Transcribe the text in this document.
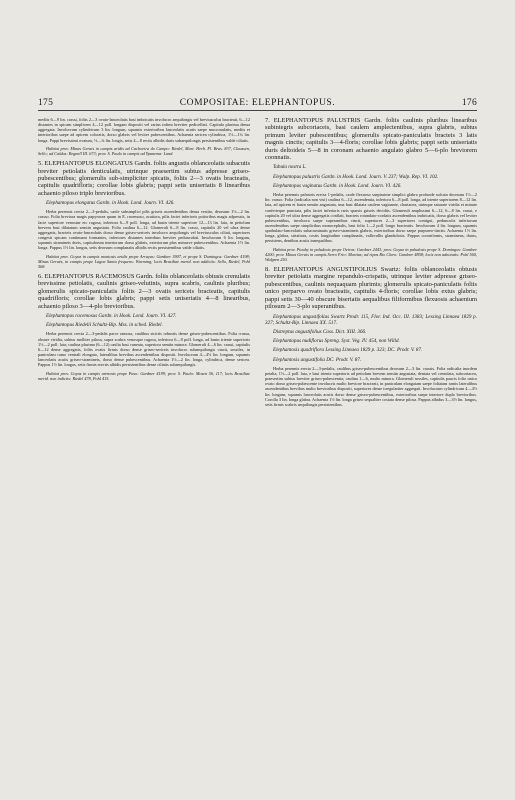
175	COMPOSITAE: ELEPHANTOPUS.	176

mediis 6—9 lin. crassi, foliis 2—3 ovato-lanceolatis basi imbricatis involucro aequilongis vel breviusculus bracteati, 6—12 distantes in spicam simplicem 4—12 poll. longam dispositi vel rarius infimi breviter pedicellati. Capitula plurima densa aggregata. Involucrum cylindricum 3 lin. longum, squamis exterioribus lanceolatis acutis saepe mucronulatis, mediis et interioribus saepe ad apicem coloratis, dorso glabris vel leviter pubescentibus. Achaenia sericea cylindrica, 1½—1¾ lin. longa. Pappi brevissimi ovatum, ½—¾ lin. longis, setis 4—8 rectis albidis duris subaequilongis persistentibus valde ciliatis.

Habitat prov. Minas Gerais in campis aridis ad Cachoeira do Campo: Riedel, Mart. Herb. Fl. Bras. 837, Claussen, Sello; ad Caldas: Regnell III. 673; prov. S. Paulo in campis ad Ypanema: Lund.

5. ELEPHANTOPUS ELONGATUS Gardn. foliis angustis oblanceolatis subacutis breviter petiolatis denticulatis, utrinque praesertim subtus adpresse griseo-pubescentibus; glomerulis sub-simpliciter spicatis, foliis 2—3 ovatis bracteatis, capitulis quadrifloris; corollae lobis glabris; pappi setis uniseriatis 8 linearibus achaenio piloso triplo brevioribus.

Elephantopus elongatus Gardn. in Hook. Lond. Journ. VI. 426.

Herba perennis crecta 2—3-pedalis, caule subsimplici pilis griseis ascendentibus densa vestito, deorsum 1½—2 lin. crasso. Folia breviora magis papyracea quam in E. racemoso, acutiora, pilis faciei inferioris potioribus magis adpressis, in facie superiore venosiae etc rugosa, inferiora 6—9 poll. longa, ad basin triente superiore 12—13 lin. lata, in petiolum brevem basi dilatatum semiin angustata. Folia caulina 6—12. Glomeruli 6—8 lin. crassi, capitulis 20 vel ultra dense aggregatis, bracteis ovato-lanceolatis dorso dense griseo-sericeis involucro aequilongis vel breviusculus ciliati, superiores congesti spicam continuam formantes, inferiores distantes interdum breviter pedunculati. Involucrum 6 lin. longum, squamis stramineis duris, capitulorum interiorum dorso glabris, exteriorum plus minusve pubescentibus. Achaenia 1½ lin. longa. Pappus 1½ lin. longus, setis deorsum complanatis albidis rectis persistentibus valde ciliatis.

Habitat prov. Goyaz in campis montosis aridis prope Arrayas: Gardner 3907, et prope S. Domingos: Gardner 4198; Minas Geraës, in campis prope Lagoa Santa frequens: Warming; locis Brasiliae merid. non addictis: Sello, Riedel, Pohl 568.

6. ELEPHANTOPUS RACEMOSUS Gardn. foliis oblanceolatis obtusis crenulatis brevissime petiolatis, caulinis griseo-velutinis, supra scabris, caulinis pluribus; glomerulis spicato-paniculatis foliis 2—3 ovatis sericeis bracteatis, capitulis quadrifloris; corollae lobis glabris; pappi setis uniseriatis 4—8 linearibus, achaenio piloso 3—4-plo brevioribus.

Elephantopus racemosus Gardn. in Hook. Lond. Journ. VI. 427.

Elephantopus Riedelii Schultz-Bip. Mss. in sched. Riedel.

Herba perennis crecta 2—3-pedalis parce ramosa, caulibus strictis robustis dense griseo-pubescentibus. Folia crassa, obsure viridia, subtus molliter pilosa, supra scabra venosque rugosa, inferiora 6—8 poll. longa, ad basin triente superioris 1½—2 poll. lata; caulina plurima (6—12) caulia basi cuneata, superiora semiin minora. Glomeruli 4—6 lin. crassi, capitulis 6—12 dense aggregatis, foliis ovatis firmis dorso dense griseo-sericeis involucro subaequilongis cincti, sessiles, in paniculam ramo centrali elongato, lateralibus brevibus ascendentibus dispositi. Involucrum 4—4½ lin. longum, squamis lanceolatis acutis griseo-stramineis, dorso dense pubescentibus. Achaenia 1½—2 lin. longa, cylindrica, dense sericea. Pappus 1½ lin. longus, setis firmis erectis albidis persistentibus dense ciliatis subaequilongis.

Habitat prov. Goyaz in campis arenosis prope Paso: Gardner 4199; prov. S. Paulo: Mosen 56, 117; locis Brasiliae merid. non indictis: Riedel 478, Pohl 415.

7. ELEPHANTOPUS PALUSTRIS Gardn. foliis caulinis pluribus linearibus subintegris subcoriaceis, basi caulem amplectentibus, supra glabris, subtus primum leviter pubescentibus; glomerulis spicato-paniculatis bracteis 3 latis magnis cinctis; capitulis 3—4-floris; corollae lobis glabris; pappi setis uniseriatis duris deltoideis 5—8 in coronam achaenio angulato glabro 5—6-plo breviorem coonnatis.

Tabula nostra L.

Elephantopus palustris Gardn. in Hook. Lond. Journ. V. 237; Walp. Rep. VI. 102.

Elephantopus vaginatus Gardn. in Hook. Lond. Journ. VI. 426.

Herba perennis palustris erecta 1-pedalis, caule flexuoso saepissime simplici glabro profunde sulcato deorsum 1½—2 lin. crasso. Folia (radicalia non visi) caulina 6—12, ascendentia, inferiora 6—8 poll. longa, ad triente superiorem 8—12 lin. lata, ad apicem et basin semiin angustata, ima basi dilatata caulem vaginante, chartacea, utrinque saturate viridia et minute conferteque punctata, pilis faciei inferioris raris sparsis griseis decidiis. Glomeruli amplissimi 6—12, 6—8 lin. crassi, e capitulis 20 vel ultra dense aggregatis conflati, bracteis rotundato-cordatis ascendentibus imbricatis, dorso glabris vel leviter pubescentibus, involucra saepe superantibus cincti, superiores 2—3 superiores contigui, pedunculis inferiorum ascendentibus saepe simplicibus monocephalis, basi folio 1—2 poll. longo bracteatis. Involucrum 4 lin. longum, squamis spathulato-lanceolatis subacuminatis griseo-stramineis glabris, exterioribus dorso saepe purpureo-tinctis. Achaenia 1½ lin. longa, glabra, striatiora, costis longitudine complanatis, vallecullis glandulosis. Pappus coronifomis, stramineus, durus, persistens, dentibus acutis inaequalibus.

Habitat prov. Piauhy in paludosis prope Oeiras: Gardner 2443; prov. Goyaz in paludosis prope S. Domingos: Gardner 4200; prov. Minas Gerais in campis Serro Frio: Martius; ad ripas Rio Claro: Gardner 4858; locis non adnotatis: Pohl 560, Widgren 250.

8. ELEPHANTOPUS ANGUSTIFOLIUS Swartz: foliis oblanceolatis obtusis breviter petiolatis margine repandulo-crispatis, utrinque leviter adpresse griseo-pubescentibus, caulinis nequaquam plurimis; glomerulis spicato-paniculatis foliis unico perparvo ovato bracteatis, capitulis 4-floris; corollae lobis extus glabris; pappi setis 30—40 obscure biseriatis aequalibus filiformibus flexuosis achaenium pilosum 2—3-plo superantibus.

Elephantopus angustifolius Swartz Prodr. 115, Flor. Ind. Occ. III. 1383; Lessing Linnaea 1829 p. 327; Schultz-Bip. Linnaea XX. 517.

Distreptus angustifolius Cass. Dict. XIII. 366.

Elephantopus nudiflorus Spreng. Syst. Veg. IV. 454, non Willd.

Elephantosis quadriflora Lessing Linnaea 1829 p. 323; DC. Prodr. V. 87.

Elephantosis angustifolia DC. Prodr. V. 87.

Herba perennis erecta 2—3-pedalis, caulibus griseo-pubescentibus deorsum 2—3 lin. crassis. Folia radicalia inordem petalia, 1½—2 poll. lata, e basi triente superioris ad petiolum brevem semiin angustata, dentata vel crenulata, subcoriacea, praesertim subtus breviter griseo-pubescentia; caulina 1—6, multo minora. Glomeruli sessiles, capitulis paucis folio unico ovato dorso griseo-pubescente involucris multo breviore bracteati, in paniculam elongatam saepe foliatam ramis lateralibus ascendentibus brevibus multo brevioribus dispositi, superiores dense irregulariter aggregati. Involucrum cylindricum 4—4½ lin. longum, squamis lanceolatis acutis dorso dense griseo-pubescentibus, exterioribus saepe interiore duplo brevioribus. Corolla 3 lin. longa glabra. Achaenia 1½ lin. longa griseo sequaliter costata dense pilosa. Pappus albidus 3—3½ lin. longus, setis firmis scabris aequilongis persistentibus.
